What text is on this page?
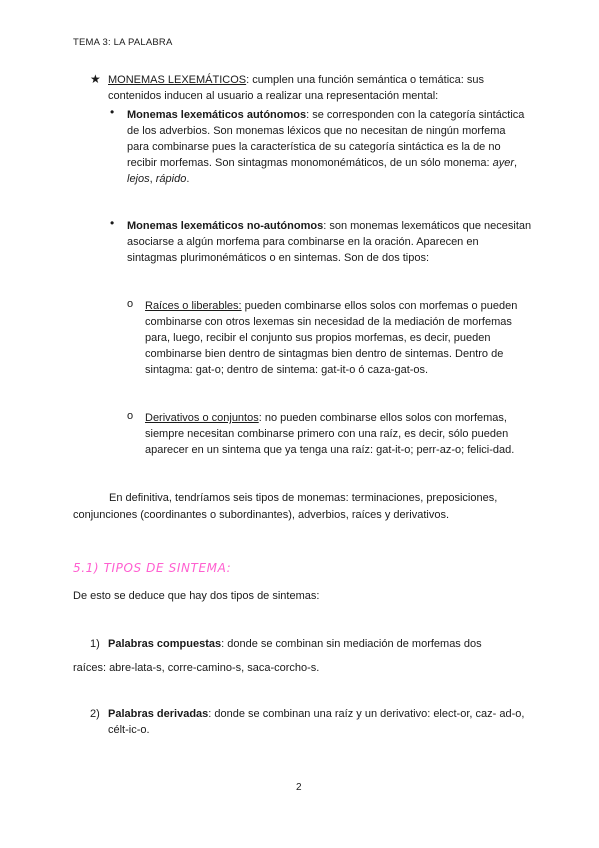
TEMA 3: LA PALABRA
★ MONEMAS LEXEMÁTICOS: cumplen una función semántica o temática: sus
contenidos inducen al usuario a realizar una representación mental:
• Monemas lexemáticos autónomos: se corresponden con la categoría sintáctica
de los adverbios. Son monemas léxicos que no necesitan de ningún morfema
para combinarse pues la característica de su categoría sintáctica es la de no
recibir morfemas. Son sintagmas monomonémáticos, de un sólo monema: ayer,
lejos, rápido.
• Monemas lexemáticos no-autónomos: son monemas lexemáticos que necesitan
asociarse a algún morfema para combinarse en la oración. Aparecen en
sintagmas plurimonémáticos o en sintemas. Son de dos tipos:
o Raíces o liberables: pueden combinarse ellos solos con morfemas o pueden
combinarse con otros lexemas sin necesidad de la mediación de morfemas
para, luego, recibir el conjunto sus propios morfemas, es decir, pueden
combinarse bien dentro de sintagmas bien dentro de sintemas. Dentro de
sintagma: gat-o; dentro de sintema: gat-it-o ó caza-gat-os.
o Derivativos o conjuntos: no pueden combinarse ellos solos con morfemas,
siempre necesitan combinarse primero con una raíz, es decir, sólo pueden
aparecer en un sintema que ya tenga una raíz: gat-it-o; perr-az-o; felici-dad.
En definitiva, tendríamos seis tipos de monemas: terminaciones, preposiciones,
conjunciones (coordinantes o subordinantes), adverbios, raíces y derivativos.
5.1) TIPOS DE SINTEMA:
De esto se deduce que hay dos tipos de sintemas:
1) Palabras compuestas: donde se combinan sin mediación de morfemas dos
raíces: abre-lata-s, corre-camino-s, saca-corcho-s.
2) Palabras derivadas: donde se combinan una raíz y un derivativo: elect-or, caz- ad-o,
célt-ic-o.
2
